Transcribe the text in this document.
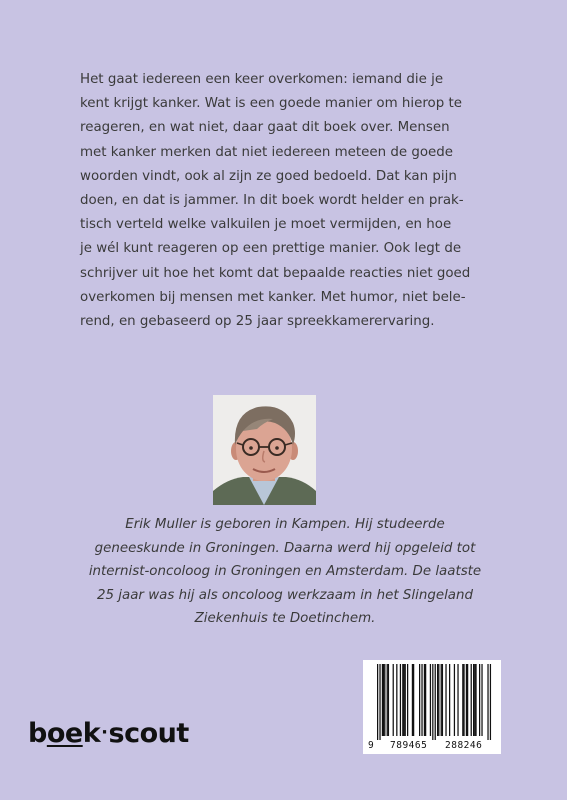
Het gaat iedereen een keer overkomen: iemand die je
kent krijgt kanker. Wat is een goede manier om hierop te
reageren, en wat niet, daar gaat dit boek over. Mensen
met kanker merken dat niet iedereen meteen de goede
woorden vindt, ook al zijn ze goed bedoeld. Dat kan pijn
doen, en dat is jammer. In dit boek wordt helder en prak-
tisch verteld welke valkuilen je moet vermijden, en hoe
je wél kunt reageren op een prettige manier. Ook legt de
schrijver uit hoe het komt dat bepaalde reacties niet goed
overkomen bij mensen met kanker. Met humor, niet bele-
rend, en gebaseerd op 25 jaar spreekkamerervaring.
Erik Muller is geboren in Kampen. Hij studeerde
geneeskunde in Groningen. Daarna werd hij opgeleid tot
internist-oncoloog in Groningen en Amsterdam. De laatste
25 jaar was hij als oncoloog werkzaam in het Slingeland
Ziekenhuis te Doetinchem.
boek·scout	9 789465 288246
